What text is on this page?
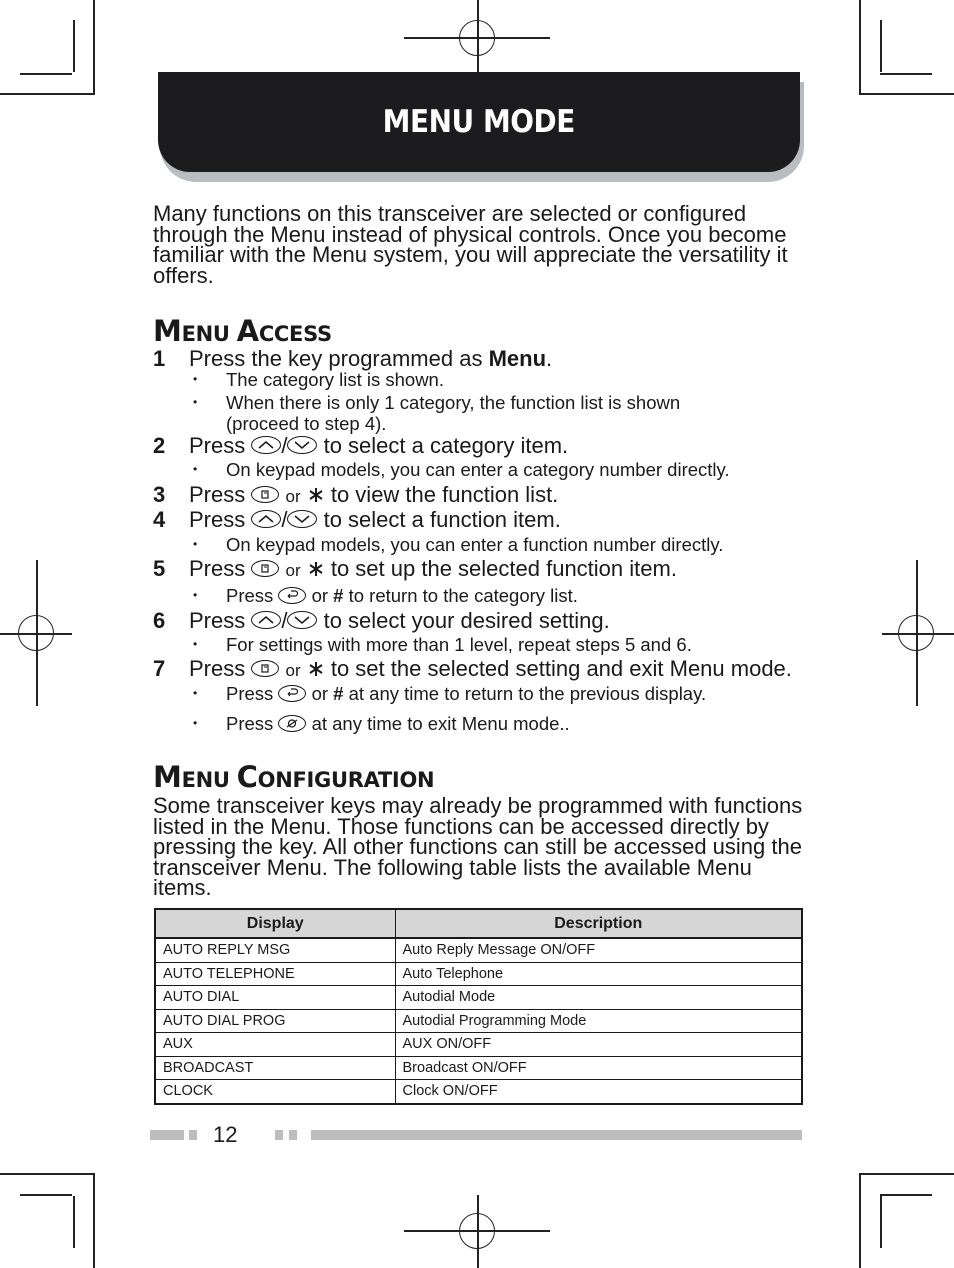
MENU MODE
Many functions on this transceiver are selected or configured through the Menu instead of physical controls. Once you become familiar with the Menu system, you will appreciate the versatility it offers.
MENU ACCESS
1 Press the key programmed as Menu.
• The category list is shown.
• When there is only 1 category, the function list is shown
(proceed to step 4).
2 Press
/
to select a category item.
• On keypad models, you can enter a category number directly.
3 Press
or  to view the function list.
4 Press
/
to select a function item.
• On keypad models, you can enter a function number directly.
5 Press
or  to set up the selected function item.
• Press
or # to return to the category list.
6 Press
/
to select your desired setting.
• For settings with more than 1 level, repeat steps 5 and 6.
7 Press
or  to set the selected setting and exit Menu mode.
• Press
or # at any time to return to the previous display.
• Press
at any time to exit Menu mode..
MENU CONFIGURATION
Some transceiver keys may already be programmed with functions listed in the Menu. Those functions can be accessed directly by pressing the key. All other functions can still be accessed using the transceiver Menu. The following table lists the available Menu items.
Display	Description
AUTO REPLY MSG	Auto Reply Message ON/OFF
AUTO TELEPHONE	Auto Telephone
AUTO DIAL	Autodial Mode
AUTO DIAL PROG	Autodial Programming Mode
AUX	AUX ON/OFF
BROADCAST	Broadcast ON/OFF
CLOCK	Clock ON/OFF
12
